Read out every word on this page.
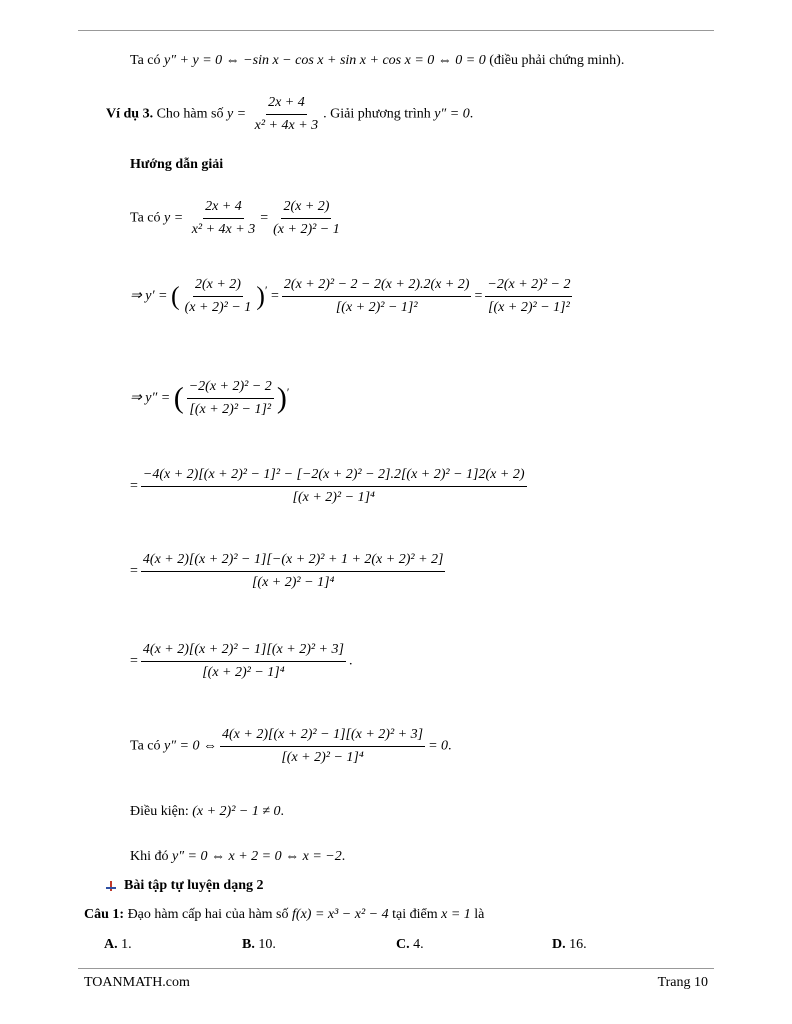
Ta có y″ + y = 0 ⇔ −sin x − cos x + sin x + cos x = 0 ⇔ 0 = 0 (điều phải chứng minh).
Ví dụ 3. Cho hàm số $y = \frac{2x + 4}{\text{x² + 4x + 3}}$ . Giải phương trình y″ = 0.
Hướng dẫn giải
Ta có $y = \frac{2x + 4}{\text{x² + 4x + 3}} = \frac{2(x + 2)}{\text{(x + 2)² − 1}}$
⇒ y′ = ( $\frac{2(x + 2)}{\text{(x + 2)² − 1}} )' = \frac{\text{2(x + 2)² − 2 − 2(x + 2).2(x + 2)}}{\text{[(x + 2)² − 1]²}} = \frac{\text{−2(x + 2)² − 2}}{\text{[(x + 2)² − 1]²}}$
⇒ y″ = ( $\frac{\text{−2(x + 2)² − 2}}{\text{[(x + 2)² − 1]²}} )'$
=
−4(x + 2)[(x + 2)² − 1]² − [−2(x + 2)² − 2].2[(x + 2)² − 1]2(x + 2)
[(x + 2)² − 1]⁴
= $\frac{\text{4(x + 2)[(x + 2)² − 1][−(x + 2)² + 1 + 2(x + 2)² + 2]}}{\text{[(x + 2)² − 1]⁴}}$
= $\frac{\text{4(x + 2)[(x + 2)² − 1][(x + 2)² + 3]}}{\text{[(x + 2)² − 1]⁴}}$ .
Ta có y″ = 0 ⇔ $\frac{\text{4(x + 2)[(x + 2)² − 1][(x + 2)² + 3]}}{\text{[(x + 2)² − 1]⁴}} = 0$.
Điều kiện: (x + 2)² − 1 ≠ 0.
Khi đó y″ = 0 ⇔ x + 2 = 0 ⇔ x = −2.
Bài tập tự luyện dạng 2
Câu 1: Đạo hàm cấp hai của hàm số f(x) = x³ − x² − 4 tại điểm x = 1 là
A. 1.	B. 10.	C. 4.	D. 16.
TOANMATH.com	Trang 10
